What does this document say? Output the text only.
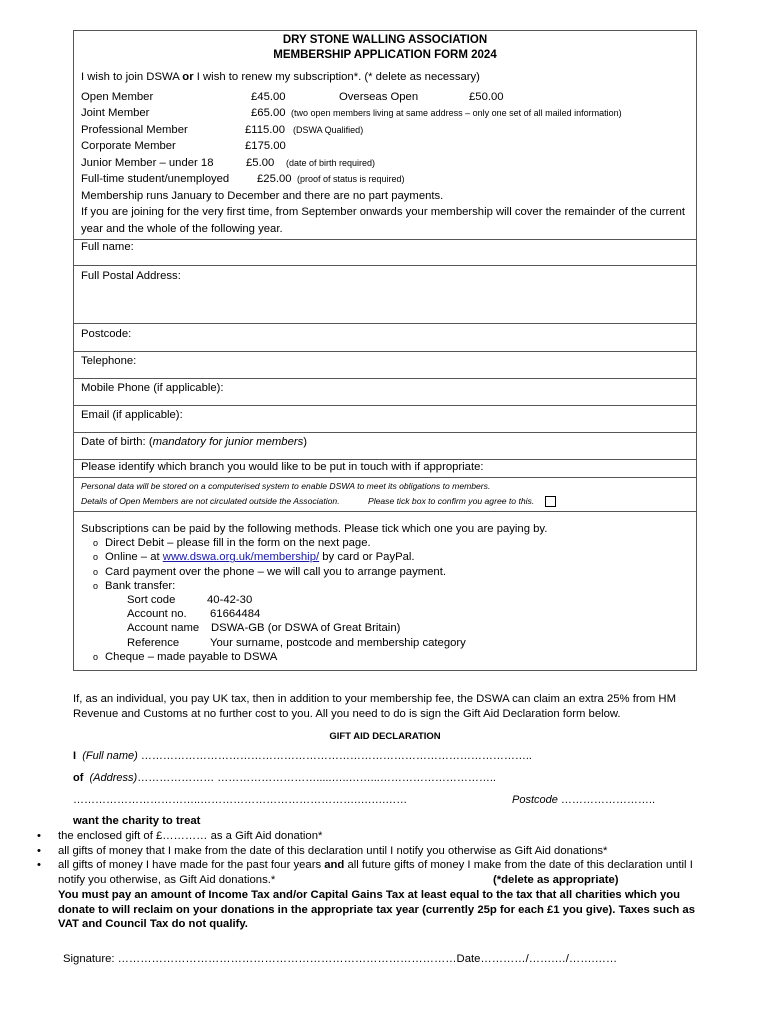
DRY STONE WALLING ASSOCIATION
MEMBERSHIP APPLICATION FORM 2024
I wish to join DSWA or I wish to renew my subscription*. (* delete as necessary)
Open Member	£45.00	Overseas Open	£50.00
Joint Member	£65.00 (two open members living at same address – only one set of all mailed information)
Professional Member	£115.00 (DSWA Qualified)
Corporate Member	£175.00
Junior Member – under 18	£5.00	(date of birth required)
Full-time student/unemployed	£25.00 (proof of status is required)
Membership runs January to December and there are no part payments.
If you are joining for the very first time, from September onwards your membership will cover the remainder of the current year and the whole of the following year.
Full name:
Full Postal Address:
Postcode:
Telephone:
Mobile Phone (if applicable):
Email (if applicable):
Date of birth: (mandatory for junior members)
Please identify which branch you would like to be put in touch with if appropriate:
Personal data will be stored on a computerised system to enable DSWA to meet its obligations to members.
Details of Open Members are not circulated outside the Association.	Please tick box to confirm you agree to this.
Subscriptions can be paid by the following methods. Please tick which one you are paying by.
o Direct Debit – please fill in the form on the next page.
o Online – at www.dswa.org.uk/membership/ by card or PayPal.
o Card payment over the phone – we will call you to arrange payment.
o Bank transfer:
Sort code	40-42-30
Account no.	61664484
Account name	DSWA-GB (or DSWA of Great Britain)
Reference	Your surname, postcode and membership category
o Cheque – made payable to DSWA
If, as an individual, you pay UK tax, then in addition to your membership fee, the DSWA can claim an extra 25% from HM Revenue and Customs at no further cost to you. All you need to do is sign the Gift Aid Declaration form below.
GIFT AID DECLARATION
I (Full name) ……………………………………………………………………………………………..
of (Address)………………… ……………………….....…..……...…………………………..
……………………………..…………………………………….….….……	Postcode ……………………..
want the charity to treat
• the enclosed gift of £………… as a Gift Aid donation*
• all gifts of money that I make from the date of this declaration until I notify you otherwise as Gift Aid donations*
• all gifts of money I have made for the past four years and all future gifts of money I make from the date of this declaration until I notify you otherwise, as Gift Aid donations.*	(*delete as appropriate)
You must pay an amount of Income Tax and/or Capital Gains Tax at least equal to the tax that all charities which you donate to will reclaim on your donations in the appropriate tax year (currently 25p for each £1 you give). Taxes such as VAT and Council Tax do not qualify.
Signature: ………………………………………………………………………………Date…………/…….…/…….……
